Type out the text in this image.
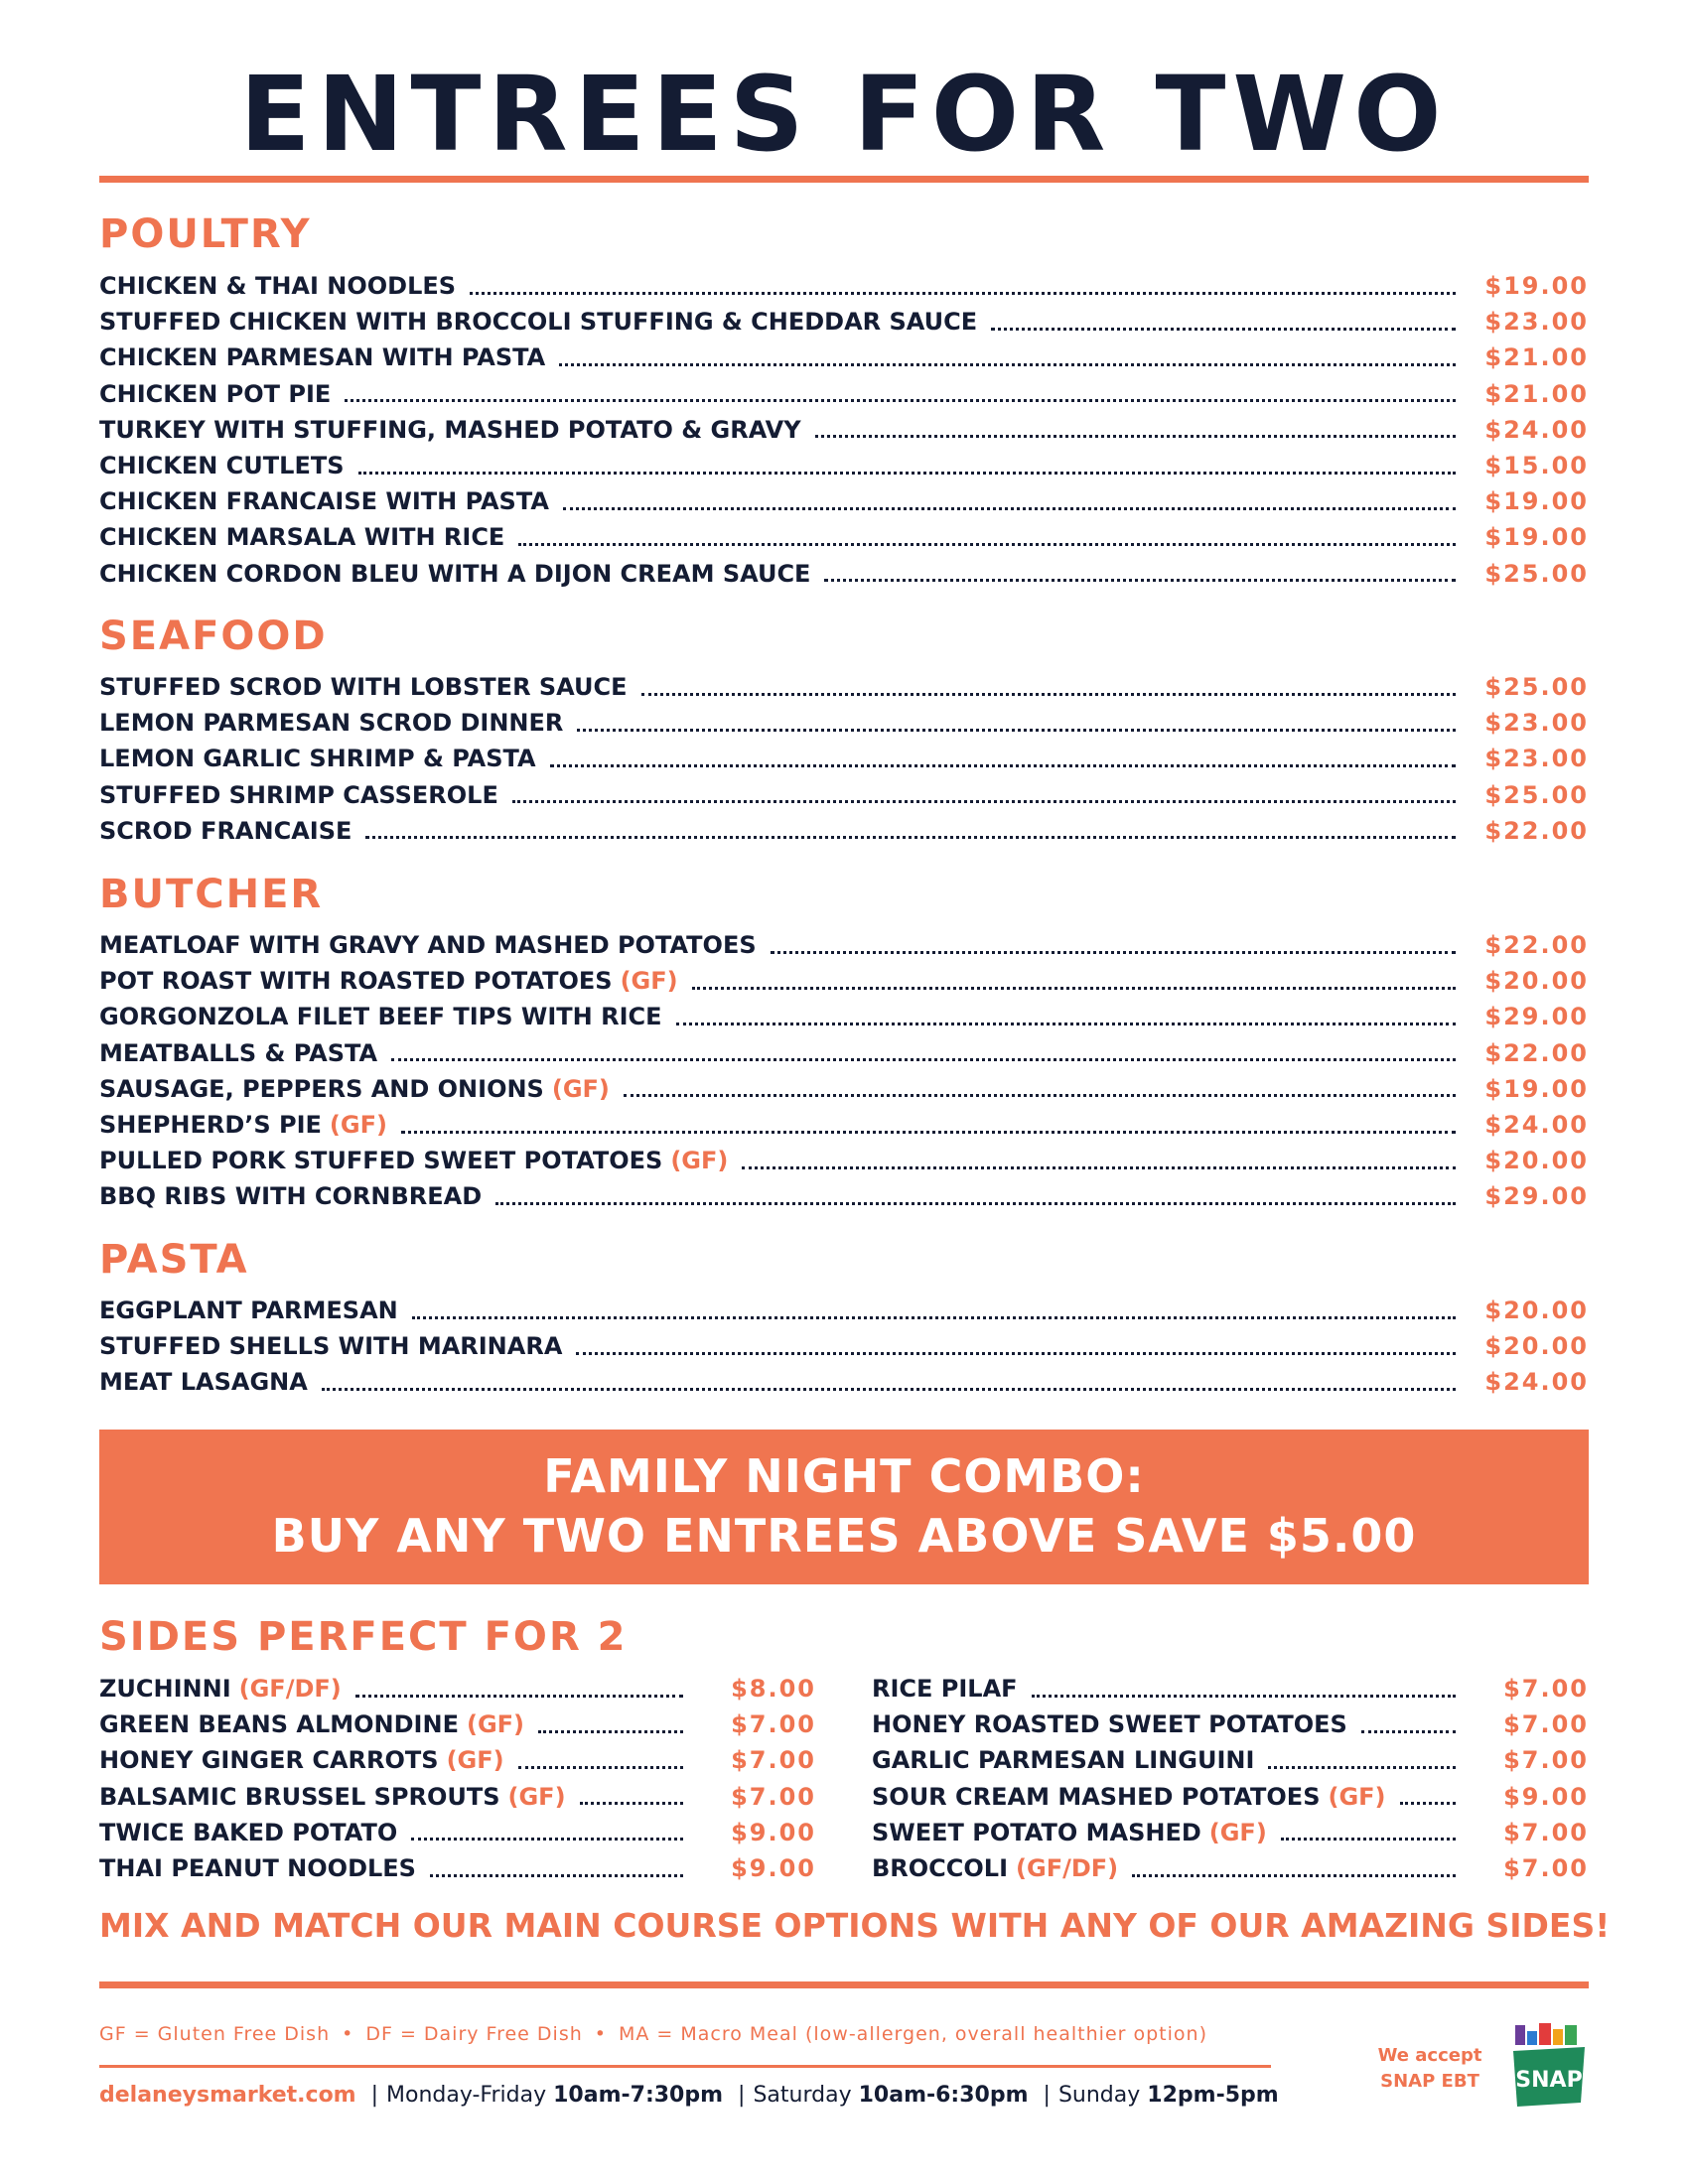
ENTREES FOR TWO
POULTRY
CHICKEN & THAI NOODLES	$19.00
STUFFED CHICKEN WITH BROCCOLI STUFFING & CHEDDAR SAUCE	$23.00
CHICKEN PARMESAN WITH PASTA	$21.00
CHICKEN POT PIE	$21.00
TURKEY WITH STUFFING, MASHED POTATO & GRAVY	$24.00
CHICKEN CUTLETS	$15.00
CHICKEN FRANCAISE WITH PASTA	$19.00
CHICKEN MARSALA WITH RICE	$19.00
CHICKEN CORDON BLEU WITH A DIJON CREAM SAUCE	$25.00
SEAFOOD
STUFFED SCROD WITH LOBSTER SAUCE	$25.00
LEMON PARMESAN SCROD DINNER	$23.00
LEMON GARLIC SHRIMP & PASTA	$23.00
STUFFED SHRIMP CASSEROLE	$25.00
SCROD FRANCAISE	$22.00
BUTCHER
MEATLOAF WITH GRAVY AND MASHED POTATOES	$22.00
POT ROAST WITH ROASTED POTATOES (GF)	$20.00
GORGONZOLA FILET BEEF TIPS WITH RICE	$29.00
MEATBALLS & PASTA	$22.00
SAUSAGE, PEPPERS AND ONIONS (GF)	$19.00
SHEPHERD’S PIE (GF)	$24.00
PULLED PORK STUFFED SWEET POTATOES (GF)	$20.00
BBQ RIBS WITH CORNBREAD	$29.00
PASTA
EGGPLANT PARMESAN	$20.00
STUFFED SHELLS WITH MARINARA	$20.00
MEAT LASAGNA	$24.00
FAMILY NIGHT COMBO:
BUY ANY TWO ENTREES ABOVE SAVE $5.00
SIDES PERFECT FOR 2
ZUCHINNI (GF/DF)	$8.00
GREEN BEANS ALMONDINE (GF)	$7.00
HONEY GINGER CARROTS (GF)	$7.00
BALSAMIC BRUSSEL SPROUTS (GF)	$7.00
TWICE BAKED POTATO	$9.00
THAI PEANUT NOODLES	$9.00
RICE PILAF	$7.00
HONEY ROASTED SWEET POTATOES	$7.00
GARLIC PARMESAN LINGUINI	$7.00
SOUR CREAM MASHED POTATOES (GF)	$9.00
SWEET POTATO MASHED (GF)	$7.00
BROCCOLI (GF/DF)	$7.00
MIX AND MATCH OUR MAIN COURSE OPTIONS WITH ANY OF OUR AMAZING SIDES!
GF = Gluten Free Dish • DF = Dairy Free Dish • MA = Macro Meal (low-allergen, overall healthier option)
delaneysmarket.com | Monday-Friday 10am-7:30pm | Saturday 10am-6:30pm | Sunday 12pm-5pm
We accept
SNAP EBT	SNAP
